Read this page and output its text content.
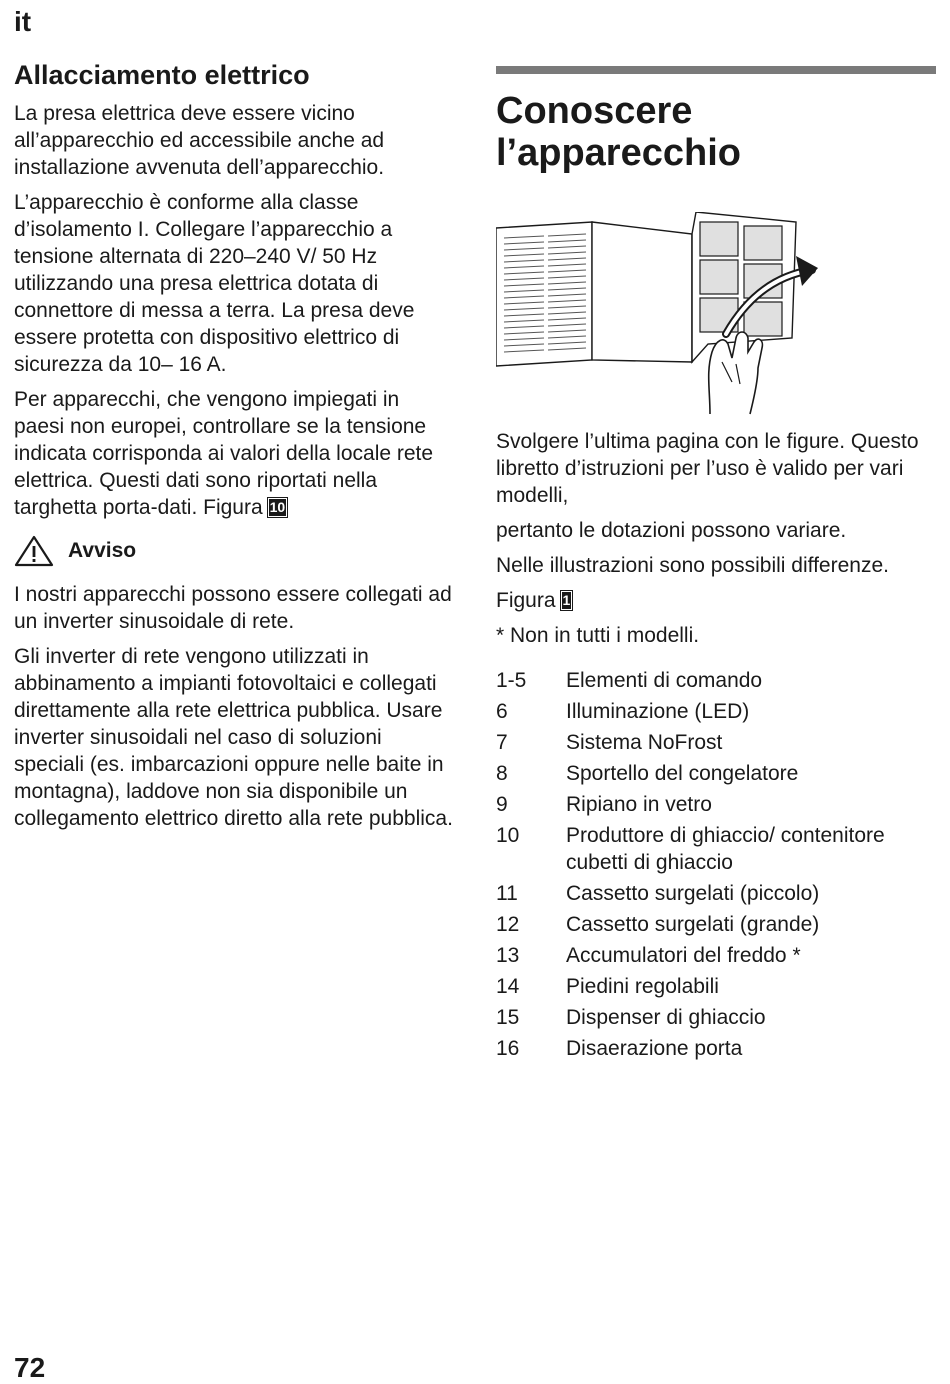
it
Allacciamento elettrico

La presa elettrica deve essere vicino all’apparecchio ed accessibile anche ad installazione avvenuta dell’apparecchio.

L’apparecchio è conforme alla classe d’isolamento I. Collegare l’apparecchio a tensione alternata di 220–240 V/ 50 Hz utilizzando una presa elettrica dotata di connettore di messa a terra. La presa deve essere protetta con dispositivo elettrico di sicurezza da 10– 16 A.

Per apparecchi, che vengono impiegati in paesi non europei, controllare se la tensione indicata corrisponda ai valori della locale rete elettrica. Questi dati sono riportati nella targhetta porta-dati. Figura 10

Avviso

I nostri apparecchi possono essere collegati ad un inverter sinusoidale di rete.

Gli inverter di rete vengono utilizzati in abbinamento a impianti fotovoltaici e collegati direttamente alla rete elettrica pubblica. Usare inverter sinusoidali nel caso di soluzioni speciali (es. imbarcazioni oppure nelle baite in montagna), laddove non sia disponibile un collegamento elettrico diretto alla rete pubblica.

Conoscere
l’apparecchio

Svolgere l’ultima pagina con le figure. Questo libretto d’istruzioni per l’uso è valido per vari modelli,

pertanto le dotazioni possono variare.

Nelle illustrazioni sono possibili differenze.

Figura 1

* Non in tutti i modelli.

1-5	Elementi di comando
6	Illuminazione (LED)
7	Sistema NoFrost
8	Sportello del congelatore
9	Ripiano in vetro
10	Produttore di ghiaccio/ contenitore cubetti di ghiaccio
11	Cassetto surgelati (piccolo)
12	Cassetto surgelati (grande)
13	Accumulatori del freddo *
14	Piedini regolabili
15	Dispenser di ghiaccio
16	Disaerazione porta
72
